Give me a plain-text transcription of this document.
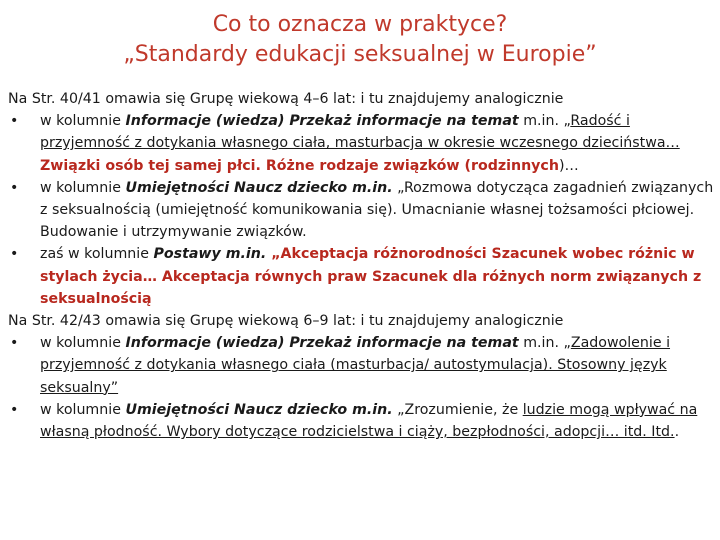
Co to oznacza w praktyce?
„Standardy edukacji seksualnej w Europie”

Na Str. 40/41 omawia się Grupę wiekową 4–6 lat: i tu znajdujemy analogicznie

• w kolumnie Informacje (wiedza) Przekaż informacje na temat m.in. „Radość i przyjemność z dotykania własnego ciała, masturbacja w okresie wczesnego dzieciństwa… Związki osób tej samej płci. Różne rodzaje związków (rodzinnych)…

• w kolumnie Umiejętności Naucz dziecko m.in. „Rozmowa dotycząca zagadnień związanych z seksualnością (umiejętność komunikowania się). Umacnianie własnej tożsamości płciowej. Budowanie i utrzymywanie związków.

• zaś w kolumnie Postawy m.in. „Akceptacja różnorodności Szacunek wobec różnic w stylach życia… Akceptacja równych praw Szacunek dla różnych norm związanych z seksualnością

Na Str. 42/43 omawia się Grupę wiekową 6–9 lat: i tu znajdujemy analogicznie

• w kolumnie Informacje (wiedza) Przekaż informacje na temat m.in. „Zadowolenie i przyjemność z dotykania własnego ciała (masturbacja/ autostymulacja). Stosowny język seksualny”

• w kolumnie Umiejętności Naucz dziecko m.in. „Zrozumienie, że ludzie mogą wpływać na własną płodność. Wybory dotyczące rodzicielstwa i ciąży, bezpłodności, adopcji… itd. Itd..
